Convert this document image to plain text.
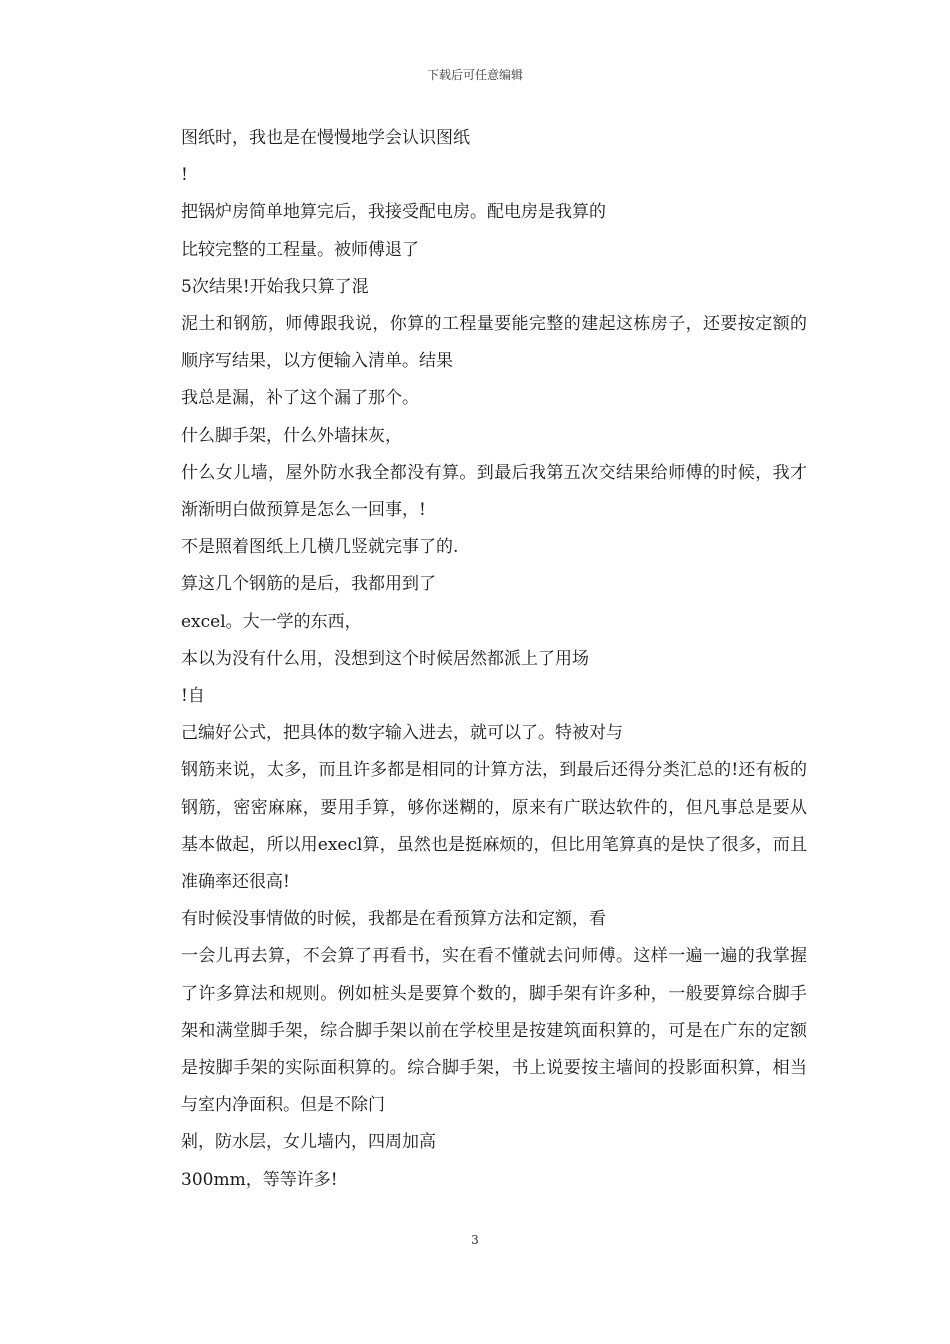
下载后可任意编辑

图纸时，我也是在慢慢地学会认识图纸

!

把锅炉房简单地算完后，我接受配电房。配电房是我算的

比较完整的工程量。被师傅退了

5次结果!开始我只算了混

泥土和钢筋，师傅跟我说，你算的工程量要能完整的建起这栋房子，还要按定额的顺序写结果，以方便输入清单。结果

我总是漏，补了这个漏了那个。

什么脚手架，什么外墙抹灰，

什么女儿墙，屋外防水我全都没有算。到最后我第五次交结果给师傅的时候，我才渐渐明白做预算是怎么一回事，!

不是照着图纸上几横几竖就完事了的.

算这几个钢筋的是后，我都用到了

excel。大一学的东西，

本以为没有什么用，没想到这个时候居然都派上了用场

!自

己编好公式，把具体的数字输入进去，就可以了。特被对与

钢筋来说，太多，而且许多都是相同的计算方法，到最后还得分类汇总的!还有板的钢筋，密密麻麻，要用手算，够你迷糊的，原来有广联达软件的，但凡事总是要从基本做起，所以用execl算，虽然也是挺麻烦的，但比用笔算真的是快了很多，而且准确率还很高!

有时候没事情做的时候，我都是在看预算方法和定额，看

一会儿再去算，不会算了再看书，实在看不懂就去问师傅。这样一遍一遍的我掌握了许多算法和规则。例如桩头是要算个数的，脚手架有许多种，一般要算综合脚手架和满堂脚手架，综合脚手架以前在学校里是按建筑面积算的，可是在广东的定额是按脚手架的实际面积算的。综合脚手架，书上说要按主墙间的投影面积算，相当与室内净面积。但是不除门

剁，防水层，女儿墙内，四周加高

300mm，等等许多!

3
